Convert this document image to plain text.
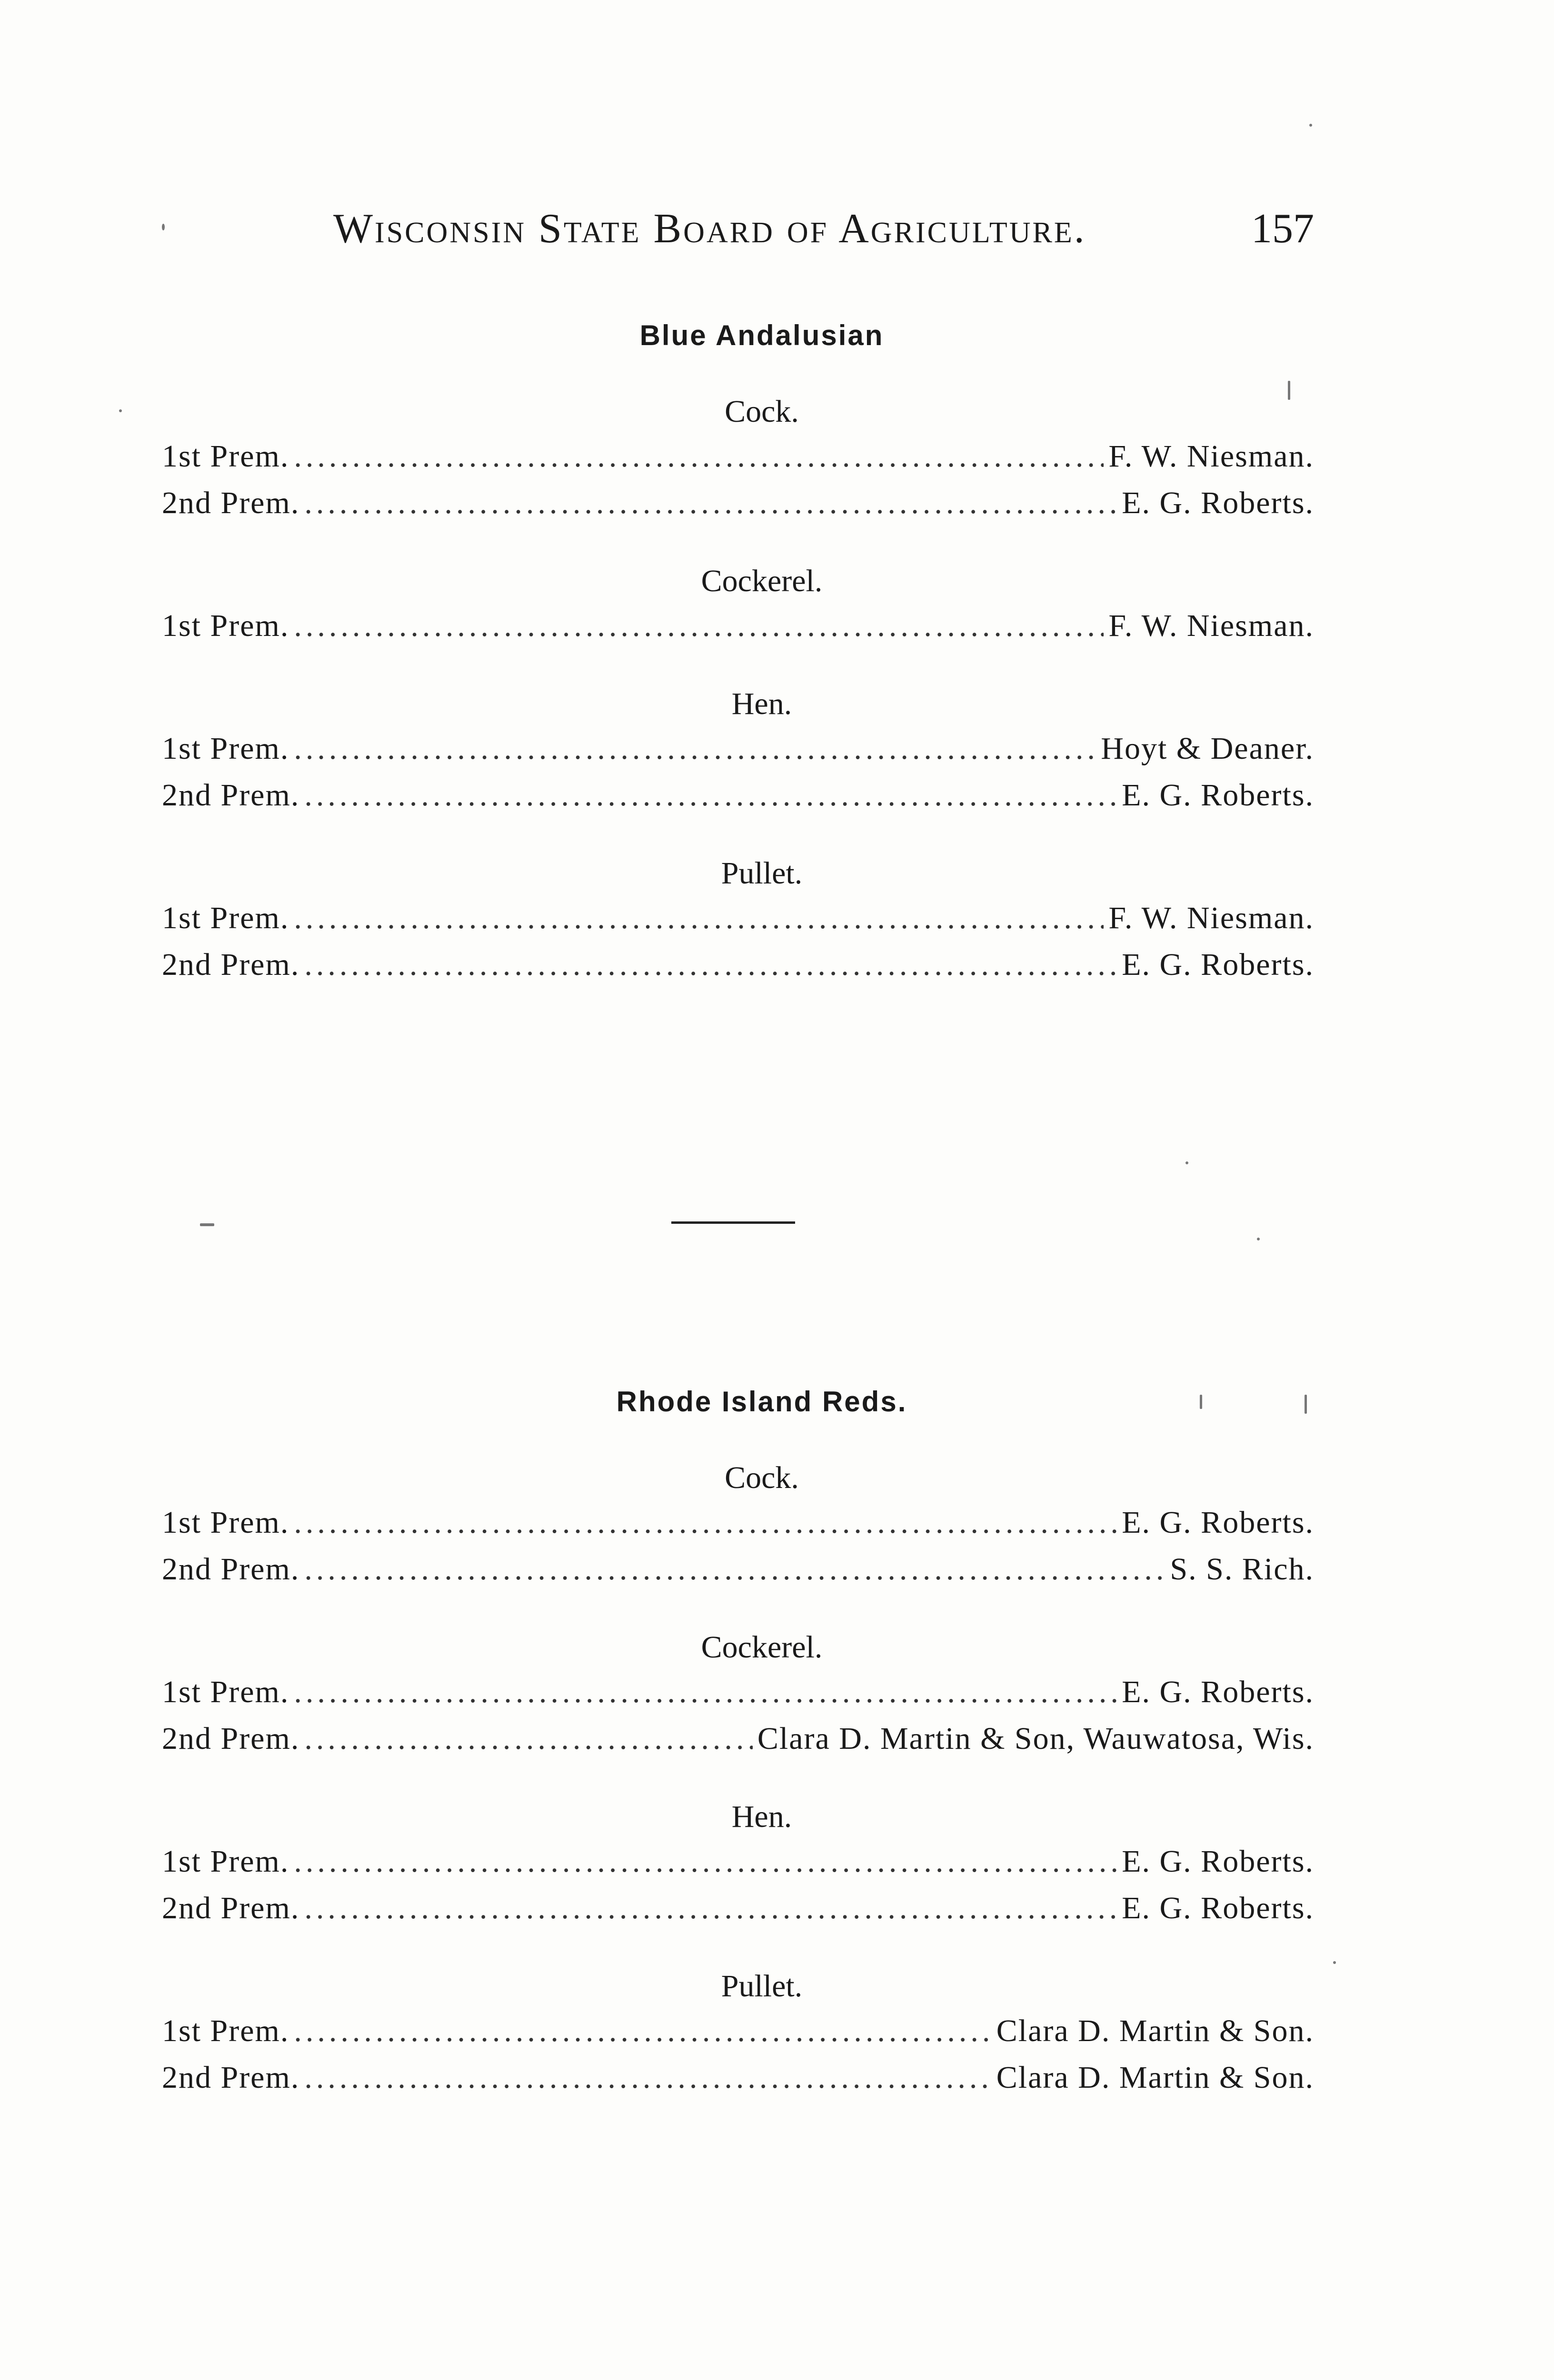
Wisconsin State Board of Agriculture.	157
Blue Andalusian
Cock.
1st Prem. .....	F. W. Niesman.
2nd Prem. .....	E. G. Roberts.
Cockerel.
1st Prem. .....	F. W. Niesman.
Hen.
1st Prem. .....	Hoyt & Deaner.
2nd Prem. .....	E. G. Roberts.
Pullet.
1st Prem. .....	F. W. Niesman.
2nd Prem. .....	E. G. Roberts.
Rhode Island Reds.
Cock.
1st Prem. .....	E. G. Roberts.
2nd Prem. .....	S. S. Rich.
Cockerel.
1st Prem. .....	E. G. Roberts.
2nd Prem. .....	Clara D. Martin & Son, Wauwatosa, Wis.
Hen.
1st Prem. .....	E. G. Roberts.
2nd Prem. .....	E. G. Roberts.
Pullet.
1st Prem. .....	Clara D. Martin & Son.
2nd Prem. .....	Clara D. Martin & Son.
